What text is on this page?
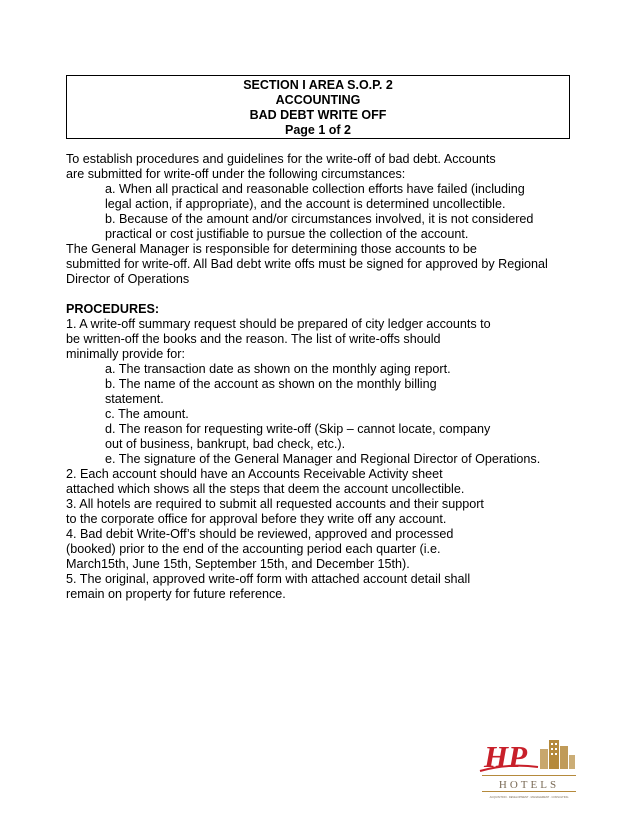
SECTION I AREA S.O.P. 2
ACCOUNTING
BAD DEBT WRITE OFF
Page 1 of 2
To establish procedures and guidelines for the write-off of bad debt. Accounts
are submitted for write-off under the following circumstances:
a. When all practical and reasonable collection efforts have failed (including
legal action, if appropriate), and the account is determined uncollectible.
b. Because of the amount and/or circumstances involved, it is not considered
practical or cost justifiable to pursue the collection of the account.
The General Manager is responsible for determining those accounts to be
submitted for write-off. All Bad debt write offs must be signed for approved by Regional
Director of Operations
PROCEDURES:
1. A write-off summary request should be prepared of city ledger accounts to
be written-off the books and the reason. The list of write-offs should
minimally provide for:
a. The transaction date as shown on the monthly aging report.
b. The name of the account as shown on the monthly billing
statement.
c. The amount.
d. The reason for requesting write-off (Skip – cannot locate, company
out of business, bankrupt, bad check, etc.).
e. The signature of the General Manager and Regional Director of Operations.
2. Each account should have an Accounts Receivable Activity sheet
attached which shows all the steps that deem the account uncollectible.
3. All hotels are required to submit all requested accounts and their support
to the corporate office for approval before they write off any account.
4. Bad debit Write-Off’s should be reviewed, approved and processed
(booked) prior to the end of the accounting period each quarter (i.e.
March15th, June 15th, September 15th, and December 15th).
5. The original, approved write-off form with attached account detail shall
remain on property for future reference.
HP
HOTELS
ACQUISITION · DEVELOPMENT · MANAGEMENT · CONSULTING
